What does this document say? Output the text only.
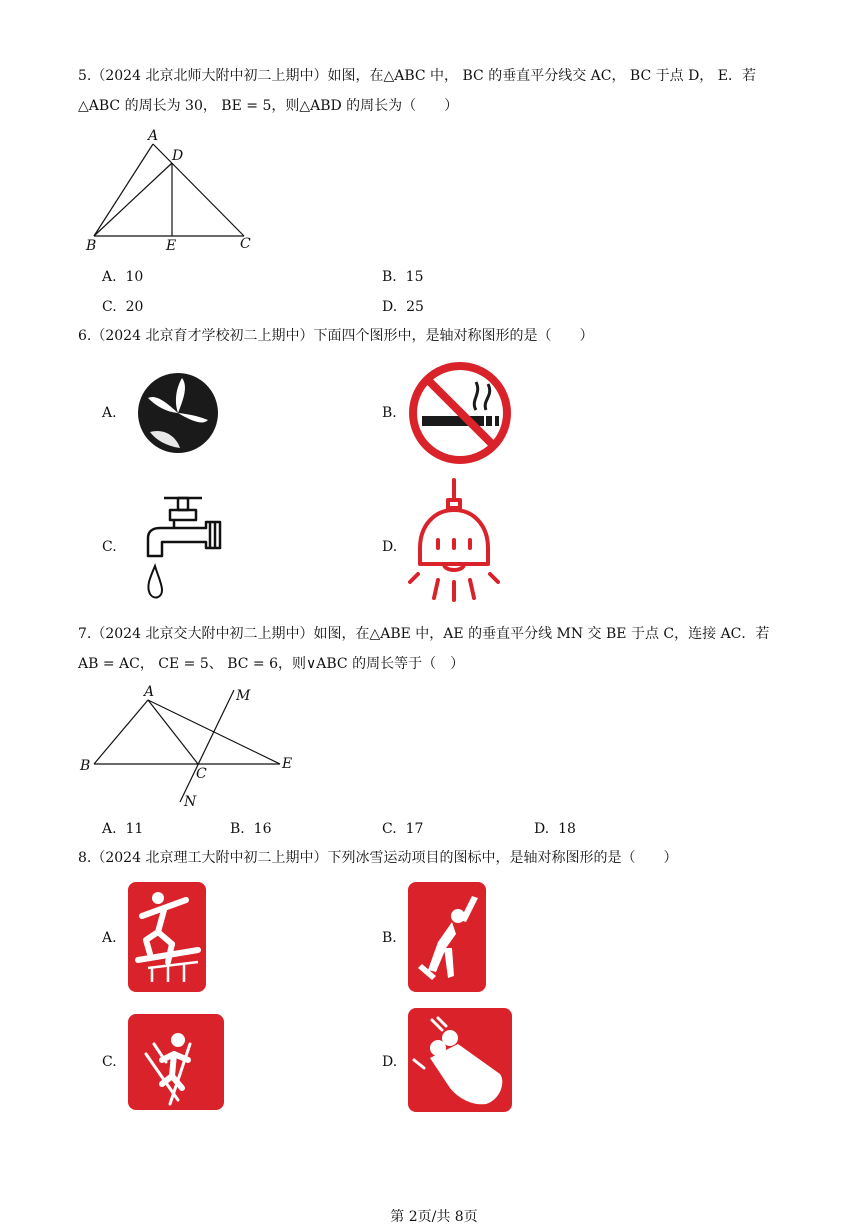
5.（2024 北京北师大附中初二上期中）如图，在△ABC 中， BC 的垂直平分线交 AC， BC 于点 D， E．若
△ABC 的周长为 30， BE = 5，则△ABD 的周长为（　　）
A
D
B	E	C
A. 10	B. 15
C. 20	D. 25
6.（2024 北京育才学校初二上期中）下面四个图形中，是轴对称图形的是（　　）
A.	B.
C.	D.
7.（2024 北京交大附中初二上期中）如图，在△ABE 中，AE 的垂直平分线 MN 交 BE 于点 C，连接 AC．若
AB = AC， CE = 5、 BC = 6，则∨ABC 的周长等于（　）
A	M
B	C
E
N
A. 11	B. 16	C. 17	D. 18
8.（2024 北京理工大附中初二上期中）下列冰雪运动项目的图标中，是轴对称图形的是（　　）
A.	B.
C.	D.
第 2页/共 8页
